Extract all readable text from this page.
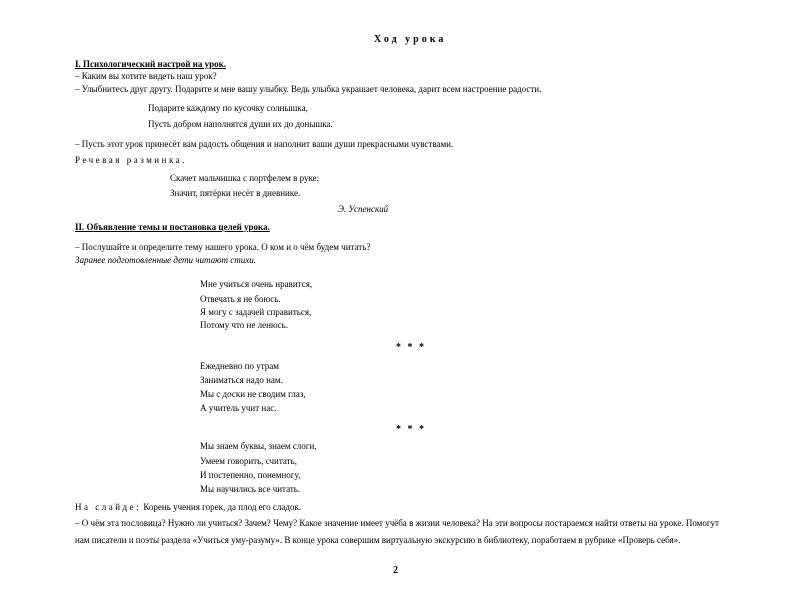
Ход урока
I. Психологический настрой на урок.
– Каким вы хотите видеть наш урок?
– Улыбнитесь друг другу. Подарите и мне вашу улыбку. Ведь улыбка украшает человека, дарит всем настроение радости.
Подарите каждому по кусочку солнышка,
Пусть добром наполнятся души их до донышка.
– Пусть этот урок принесёт вам радость общения и наполнит ваши души прекрасными чувствами.
Речевая разминка.
Скачет мальчишка с портфелем в руке:
Значит, пятёрки несёт в дневнике.
Э. Успенский
II. Объявление темы и постановка целей урока.
– Послушайте и определите тему нашего урока. О ком и о чём будем читать?
Заранее подготовленные дети читают стихи.
Мне учиться очень нравится,
Отвечать я не боюсь.
Я могу с задачей справиться,
Потому что не ленюсь.
* * *
Ежедневно по утрам
Заниматься надо нам.
Мы с доски не сводим глаз,
А учитель учит нас.
* * *
Мы знаем буквы, знаем слоги,
Умеем говорить, считать,
И постепенно, понемногу,
Мы научились все читать.
На слайде: Корень учения горек, да плод его сладок.
– О чём эта пословица? Нужно ли учиться? Зачем? Чему? Какое значение имеет учёба в жизни человека? На эти вопросы постараемся найти ответы на уроке. Помогут нам писатели и поэты раздела «Учиться уму-разуму». В конце урока совершим виртуальную экскурсию в библиотеку, поработаем в рубрике «Проверь себя».
2
